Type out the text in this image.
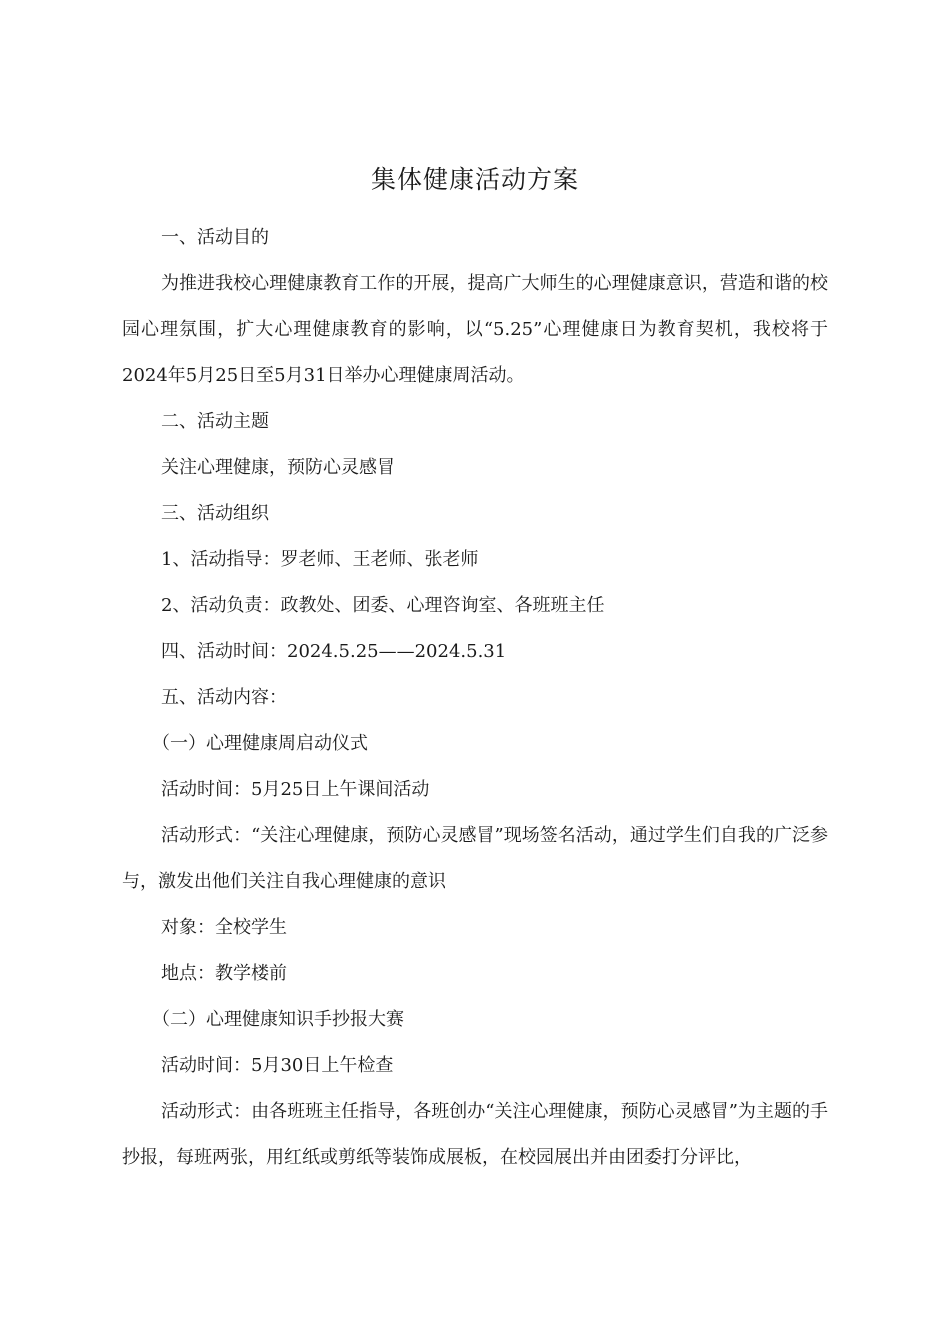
集体健康活动方案

一、活动目的

为推进我校心理健康教育工作的开展，提高广大师生的心理健康意识，营造和谐的校园心理氛围，扩大心理健康教育的影响，以“5.25”心理健康日为教育契机，我校将于2024年5月25日至5月31日举办心理健康周活动。

二、活动主题

关注心理健康，预防心灵感冒

三、活动组织

1、活动指导：罗老师、王老师、张老师

2、活动负责：政教处、团委、心理咨询室、各班班主任

四、活动时间：2024.5.25——2024.5.31

五、活动内容：

（一）心理健康周启动仪式

活动时间：5月25日上午课间活动

活动形式：“关注心理健康，预防心灵感冒”现场签名活动，通过学生们自我的广泛参与，激发出他们关注自我心理健康的意识

对象：全校学生

地点：教学楼前

（二）心理健康知识手抄报大赛

活动时间：5月30日上午检查

活动形式：由各班班主任指导，各班创办“关注心理健康，预防心灵感冒”为主题的手抄报，每班两张，用红纸或剪纸等装饰成展板，在校园展出并由团委打分评比，
